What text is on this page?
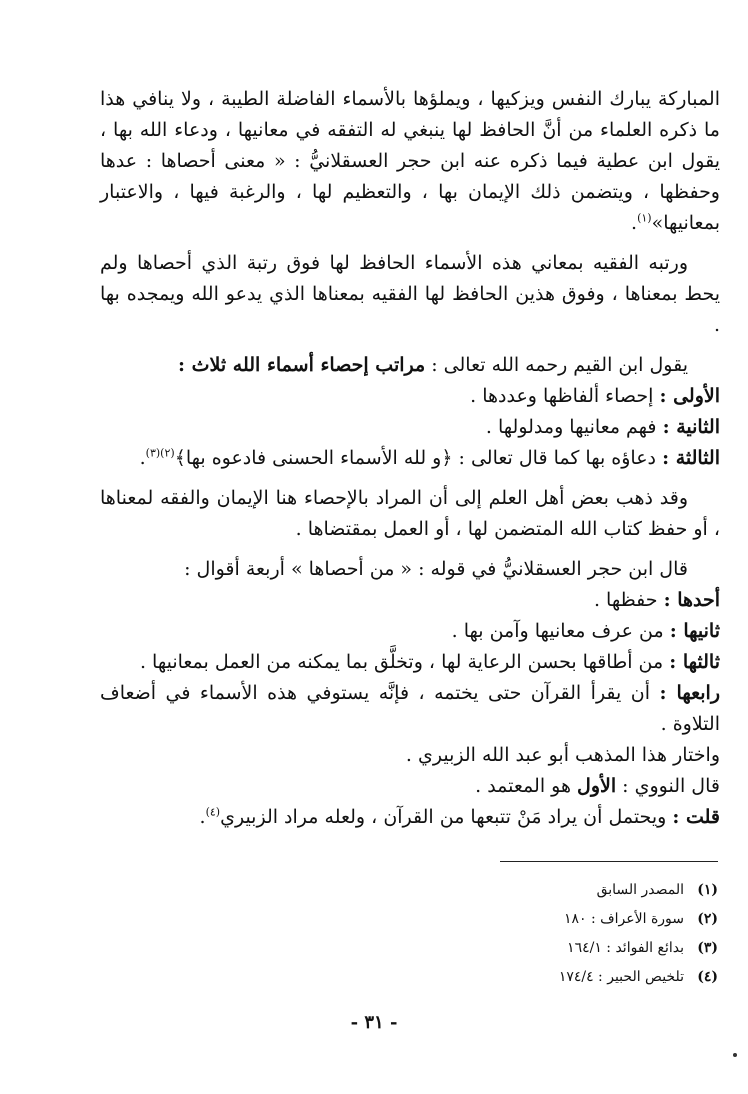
المباركة يبارك النفس ويزكيها ، ويملؤها بالأسماء الفاضلة الطيبة ، ولا ينافي هذا ما ذكره العلماء من أنَّ الحافظ لها ينبغي له التفقه في معانيها ، ودعاء الله بها ، يقول ابن عطية فيما ذكره عنه ابن حجر العسقلانيُّ : « معنى أحصاها : عدها وحفظها ، ويتضمن ذلك الإيمان بها ، والتعظيم لها ، والرغبة فيها ، والاعتبار بمعانيها»$^{(١)}$.

ورتبه الفقيه بمعاني هذه الأسماء الحافظ لها فوق رتبة الذي أحصاها ولم يحط بمعناها ، وفوق هذين الحافظ لها الفقيه بمعناها الذي يدعو الله ويمجده بها .

يقول ابن القيم رحمه الله تعالى : مراتب إحصاء أسماء الله ثلاث :

الأولى : إحصاء ألفاظها وعددها .

الثانية : فهم معانيها ومدلولها .

الثالثة : دعاؤه بها كما قال تعالى : ﴿و لله الأسماء الحسنى فادعوه بها﴾$^{(٢)(٣)}$.

وقد ذهب بعض أهل العلم إلى أن المراد بالإحصاء هنا الإيمان والفقه لمعناها ، أو حفظ كتاب الله المتضمن لها ، أو العمل بمقتضاها .

قال ابن حجر العسقلانيُّ في قوله : « من أحصاها » أربعة أقوال :

أحدها : حفظها .

ثانيها : من عرف معانيها وآمن بها .

ثالثها : من أطاقها بحسن الرعاية لها ، وتخلَّق بما يمكنه من العمل بمعانيها .

رابعها : أن يقرأ القرآن حتى يختمه ، فإنَّه يستوفي هذه الأسماء في أضعاف التلاوة .

واختار هذا المذهب أبو عبد الله الزبيري .

قال النووي : الأول هو المعتمد .

قلت : ويحتمل أن يراد مَنْ تتبعها من القرآن ، ولعله مراد الزبيري$^{(٤)}$.

(١)المصدر السابق
(٢)سورة الأعراف : ١٨٠
(٣)بدائع الفوائد : ١٦٤/١
(٤)تلخيص الحبير : ١٧٤/٤
- ٣١ -
